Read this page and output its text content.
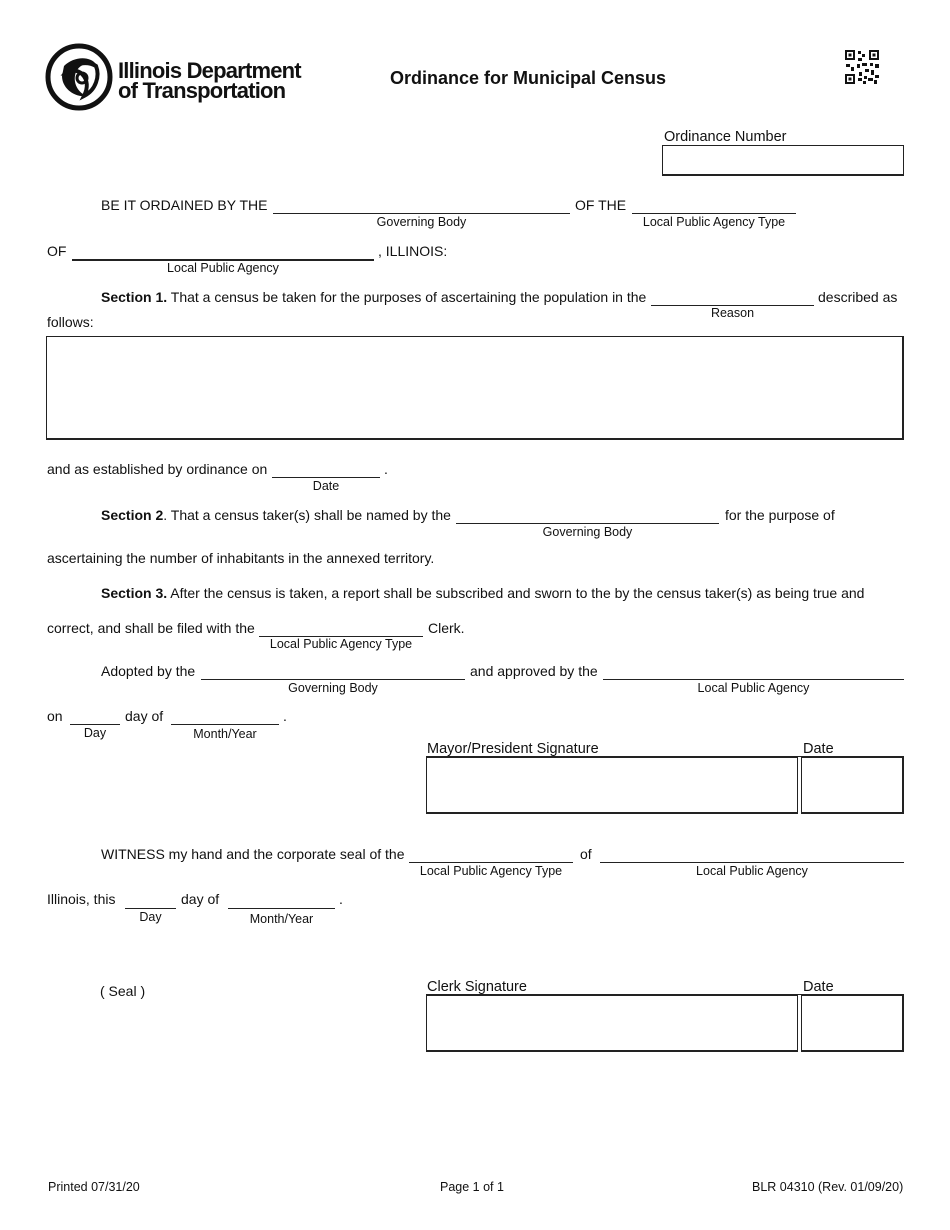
Illinois Department
of Transportation	Ordinance for Municipal Census
Ordinance Number
BE IT ORDAINED BY THE
Governing Body
OF THE
Local Public Agency Type
OF
Local Public Agency
, ILLINOIS:
Section 1. That a census be taken for the purposes of ascertaining the population in the
Reason
described as
follows:
and as established by ordinance on
Date
.
Section 2. That a census taker(s) shall be named by the
Governing Body
for the purpose of
ascertaining the number of inhabitants in the annexed territory.
Section 3. After the census is taken, a report shall be subscribed and sworn to the by the census taker(s) as being true and
correct, and shall be filed with the
Local Public Agency Type
Clerk.
Adopted by the
Governing Body
and approved by the
Local Public Agency
on
Day
day of
Month/Year
.
Mayor/President Signature	Date
WITNESS my hand and the corporate seal of the
Local Public Agency Type
of
Local Public Agency
Illinois, this
Day
day of
Month/Year
.
( Seal )	Clerk Signature	Date
Printed 07/31/20	Page 1 of 1	BLR 04310 (Rev. 01/09/20)
